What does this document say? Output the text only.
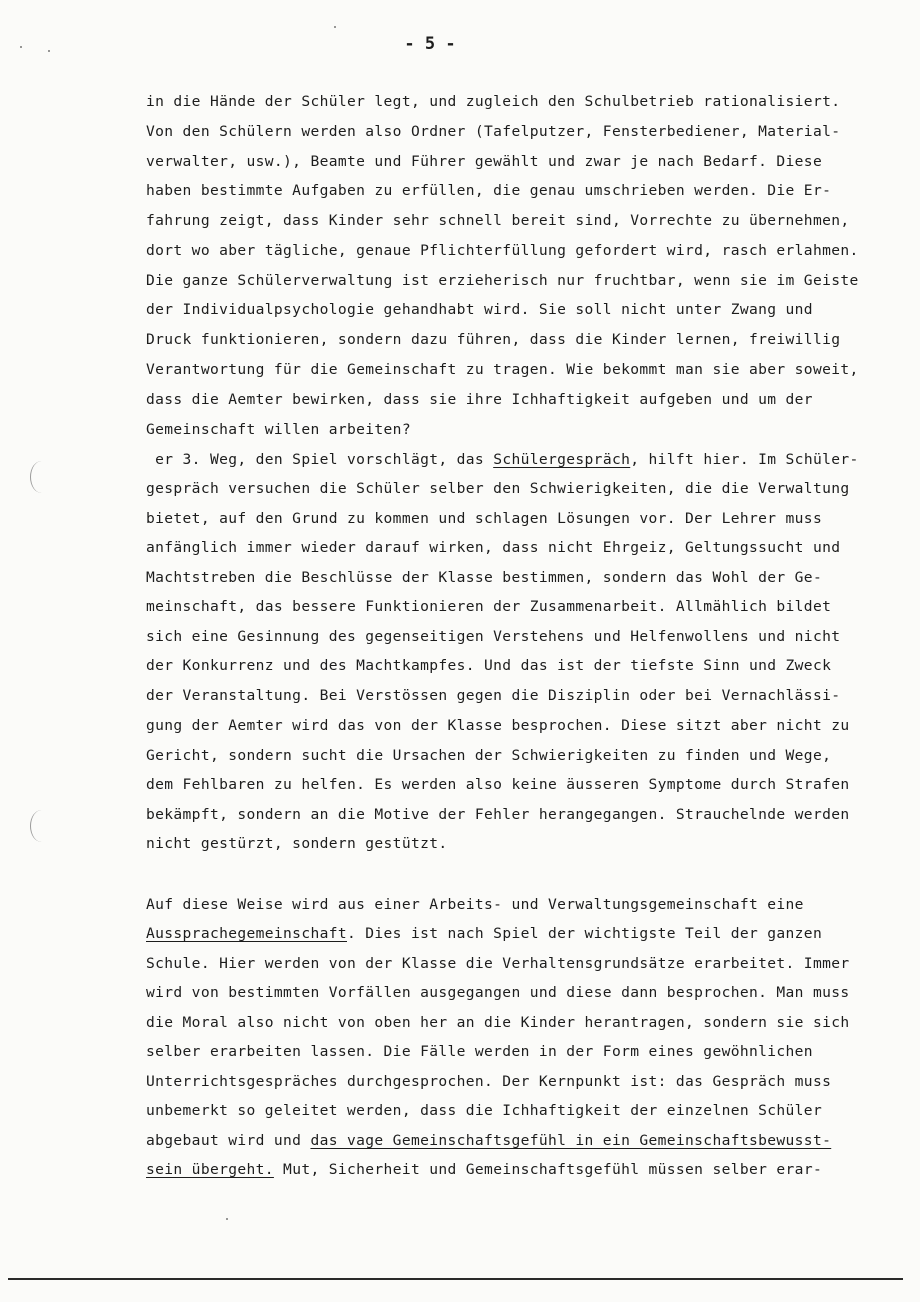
- 5 -
in die Hände der Schüler legt, und zugleich den Schulbetrieb rationalisiert.
Von den Schülern werden also Ordner (Tafelputzer, Fensterbediener, Material-
verwalter, usw.), Beamte und Führer gewählt und zwar je nach Bedarf. Diese
haben bestimmte Aufgaben zu erfüllen, die genau umschrieben werden. Die Er-
fahrung zeigt, dass Kinder sehr schnell bereit sind, Vorrechte zu übernehmen,
dort wo aber tägliche, genaue Pflichterfüllung gefordert wird, rasch erlahmen.
Die ganze Schülerverwaltung ist erzieherisch nur fruchtbar, wenn sie im Geiste
der Individualpsychologie gehandhabt wird. Sie soll nicht unter Zwang und
Druck funktionieren, sondern dazu führen, dass die Kinder lernen, freiwillig
Verantwortung für die Gemeinschaft zu tragen. Wie bekommt man sie aber soweit,
dass die Aemter bewirken, dass sie ihre Ichhaftigkeit aufgeben und um der
Gemeinschaft willen arbeiten?
er 3. Weg, den Spiel vorschlägt, das Schülergespräch, hilft hier. Im Schüler-
gespräch versuchen die Schüler selber den Schwierigkeiten, die die Verwaltung
bietet, auf den Grund zu kommen und schlagen Lösungen vor. Der Lehrer muss
anfänglich immer wieder darauf wirken, dass nicht Ehrgeiz, Geltungssucht und
Machtstreben die Beschlüsse der Klasse bestimmen, sondern das Wohl der Ge-
meinschaft, das bessere Funktionieren der Zusammenarbeit. Allmählich bildet
sich eine Gesinnung des gegenseitigen Verstehens und Helfenwollens und nicht
der Konkurrenz und des Machtkampfes. Und das ist der tiefste Sinn und Zweck
der Veranstaltung. Bei Verstössen gegen die Disziplin oder bei Vernachlässi-
gung der Aemter wird das von der Klasse besprochen. Diese sitzt aber nicht zu
Gericht, sondern sucht die Ursachen der Schwierigkeiten zu finden und Wege,
dem Fehlbaren zu helfen. Es werden also keine äusseren Symptome durch Strafen
bekämpft, sondern an die Motive der Fehler herangegangen. Strauchelnde werden
nicht gestürzt, sondern gestützt.
Auf diese Weise wird aus einer Arbeits- und Verwaltungsgemeinschaft eine
Aussprachegemeinschaft. Dies ist nach Spiel der wichtigste Teil der ganzen
Schule. Hier werden von der Klasse die Verhaltensgrundsätze erarbeitet. Immer
wird von bestimmten Vorfällen ausgegangen und diese dann besprochen. Man muss
die Moral also nicht von oben her an die Kinder herantragen, sondern sie sich
selber erarbeiten lassen. Die Fälle werden in der Form eines gewöhnlichen
Unterrichtsgespräches durchgesprochen. Der Kernpunkt ist: das Gespräch muss
unbemerkt so geleitet werden, dass die Ichhaftigkeit der einzelnen Schüler
abgebaut wird und das vage Gemeinschaftsgefühl in ein Gemeinschaftsbewusst-
sein übergeht. Mut, Sicherheit und Gemeinschaftsgefühl müssen selber erar-
